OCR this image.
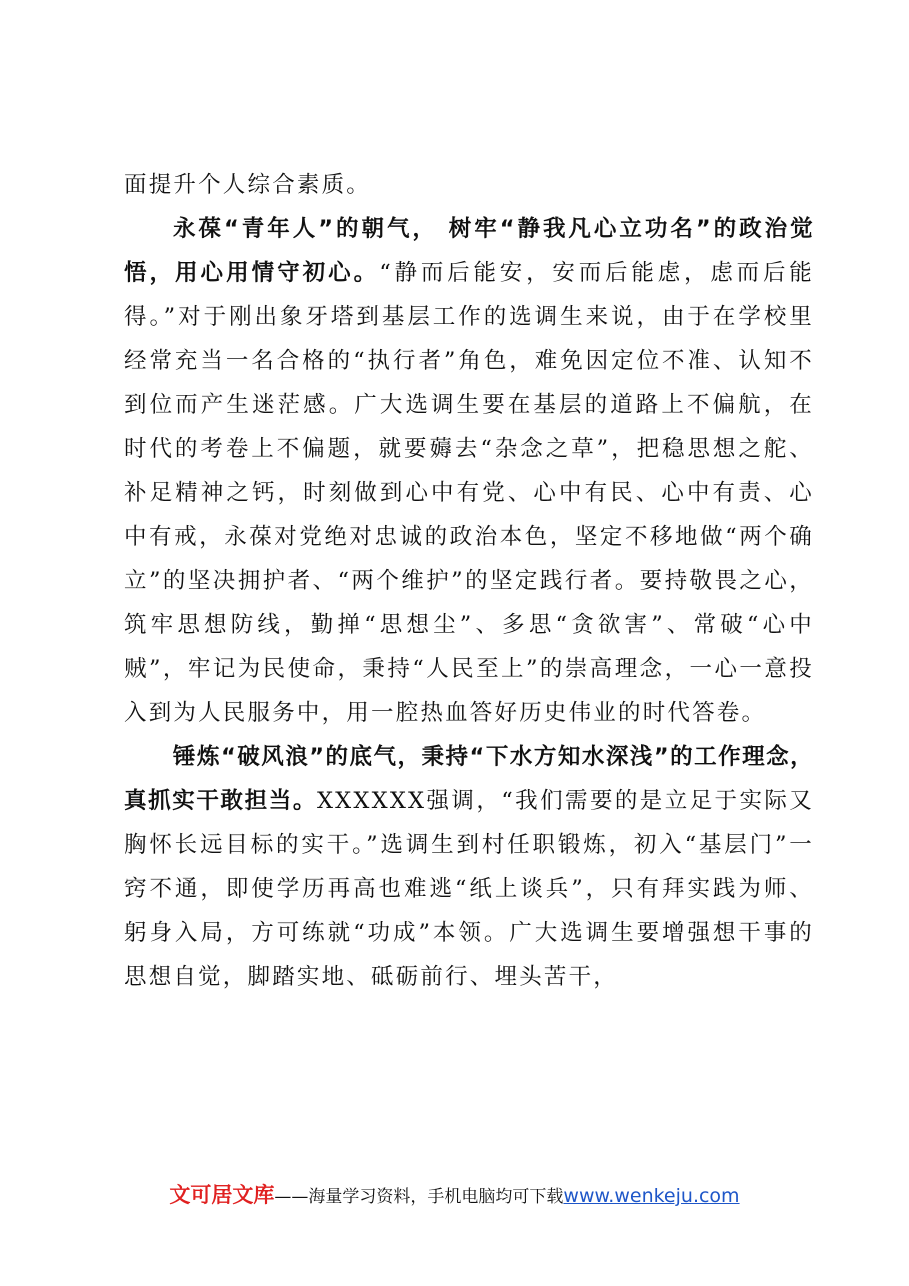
面提升个人综合素质。

永葆“青年人”的朝气， 树牢“静我凡心立功名”的政治觉悟，用心用情守初心。“静而后能安，安而后能虑，虑而后能得。”对于刚出象牙塔到基层工作的选调生来说，由于在学校里经常充当一名合格的“执行者”角色，难免因定位不准、认知不到位而产生迷茫感。广大选调生要在基层的道路上不偏航，在时代的考卷上不偏题，就要薅去“杂念之草”，把稳思想之舵、补足精神之钙，时刻做到心中有党、心中有民、心中有责、心中有戒，永葆对党绝对忠诚的政治本色，坚定不移地做“两个确立”的坚决拥护者、“两个维护”的坚定践行者。要持敬畏之心，筑牢思想防线，勤掸“思想尘”、多思“贪欲害”、常破“心中贼”，牢记为民使命，秉持“人民至上”的崇高理念，一心一意投入到为人民服务中，用一腔热血答好历史伟业的时代答卷。

锤炼“破风浪”的底气，秉持“下水方知水深浅”的工作理念，真抓实干敢担当。XXXXXX强调，“我们需要的是立足于实际又胸怀长远目标的实干。”选调生到村任职锻炼，初入“基层门”一窍不通，即使学历再高也难逃“纸上谈兵”，只有拜实践为师、躬身入局，方可练就“功成”本领。广大选调生要增强想干事的思想自觉，脚踏实地、砥砺前行、埋头苦干，

文可居文库——海量学习资料，手机电脑均可下载www.wenkeju.com
